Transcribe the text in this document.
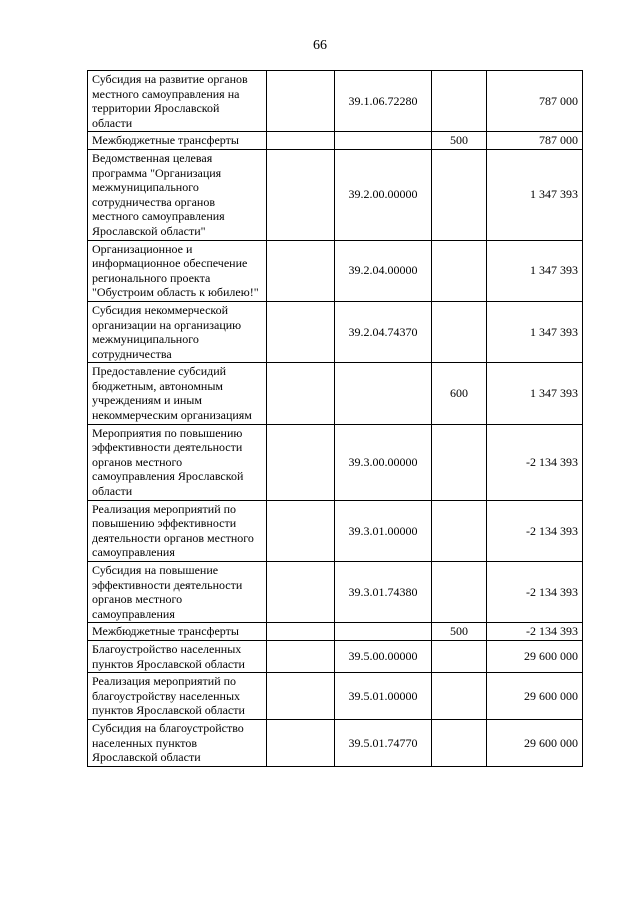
66
Субсидия на развитие органов местного самоуправления на территории Ярославской области		39.1.06.72280		787 000
Межбюджетные трансферты			500	787 000
Ведомственная целевая программа "Организация межмуниципального сотрудничества органов местного самоуправления Ярославской области"		39.2.00.00000		1 347 393
Организационное и информационное обеспечение регионального проекта "Обустроим область к юбилею!"		39.2.04.00000		1 347 393
Субсидия некоммерческой организации на организацию межмуниципального сотрудничества		39.2.04.74370		1 347 393
Предоставление субсидий бюджетным, автономным учреждениям и иным некоммерческим организациям			600	1 347 393
Мероприятия по повышению эффективности деятельности органов местного самоуправления Ярославской области		39.3.00.00000		-2 134 393
Реализация мероприятий по повышению эффективности деятельности органов местного самоуправления		39.3.01.00000		-2 134 393
Субсидия на повышение эффективности деятельности органов местного самоуправления		39.3.01.74380		-2 134 393
Межбюджетные трансферты			500	-2 134 393
Благоустройство населенных пунктов Ярославской области		39.5.00.00000		29 600 000
Реализация мероприятий по благоустройству населенных пунктов Ярославской области		39.5.01.00000		29 600 000
Субсидия на благоустройство населенных пунктов Ярославской области		39.5.01.74770		29 600 000
